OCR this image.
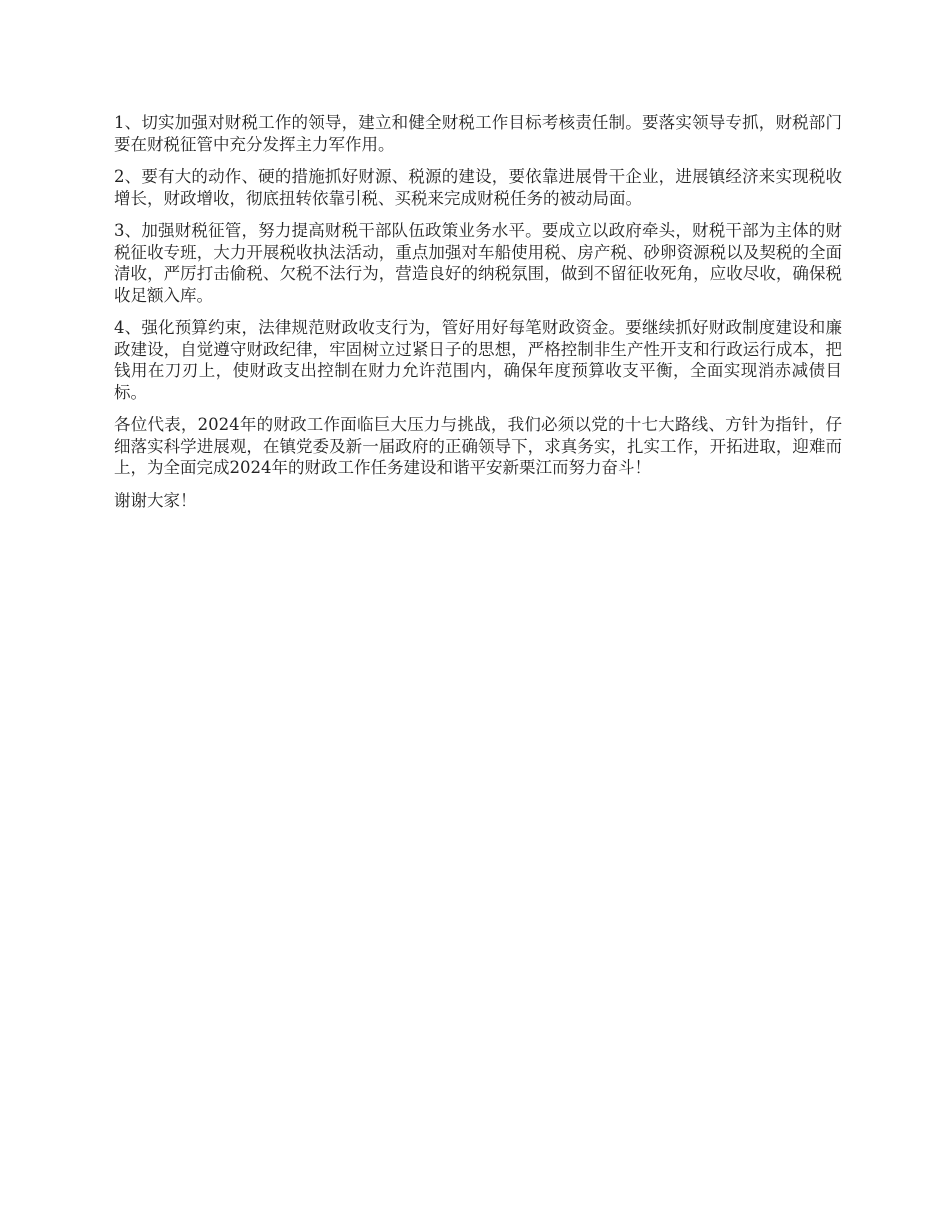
1、切实加强对财税工作的领导，建立和健全财税工作目标考核责任制。要落实领导专抓，财税部门要在财税征管中充分发挥主力军作用。

2、要有大的动作、硬的措施抓好财源、税源的建设，要依靠进展骨干企业，进展镇经济来实现税收增长，财政增收，彻底扭转依靠引税、买税来完成财税任务的被动局面。

3、加强财税征管，努力提高财税干部队伍政策业务水平。要成立以政府牵头，财税干部为主体的财税征收专班，大力开展税收执法活动，重点加强对车船使用税、房产税、砂卵资源税以及契税的全面清收，严厉打击偷税、欠税不法行为，营造良好的纳税氛围，做到不留征收死角，应收尽收，确保税收足额入库。

4、强化预算约束，法律规范财政收支行为，管好用好每笔财政资金。要继续抓好财政制度建设和廉政建设，自觉遵守财政纪律，牢固树立过紧日子的思想，严格控制非生产性开支和行政运行成本，把钱用在刀刃上，使财政支出控制在财力允许范围内，确保年度预算收支平衡，全面实现消赤减债目标。

各位代表，2024年的财政工作面临巨大压力与挑战，我们必须以党的十七大路线、方针为指针，仔细落实科学进展观，在镇党委及新一届政府的正确领导下，求真务实，扎实工作，开拓进取，迎难而上，为全面完成2024年的财政工作任务建设和谐平安新栗江而努力奋斗！

谢谢大家！
